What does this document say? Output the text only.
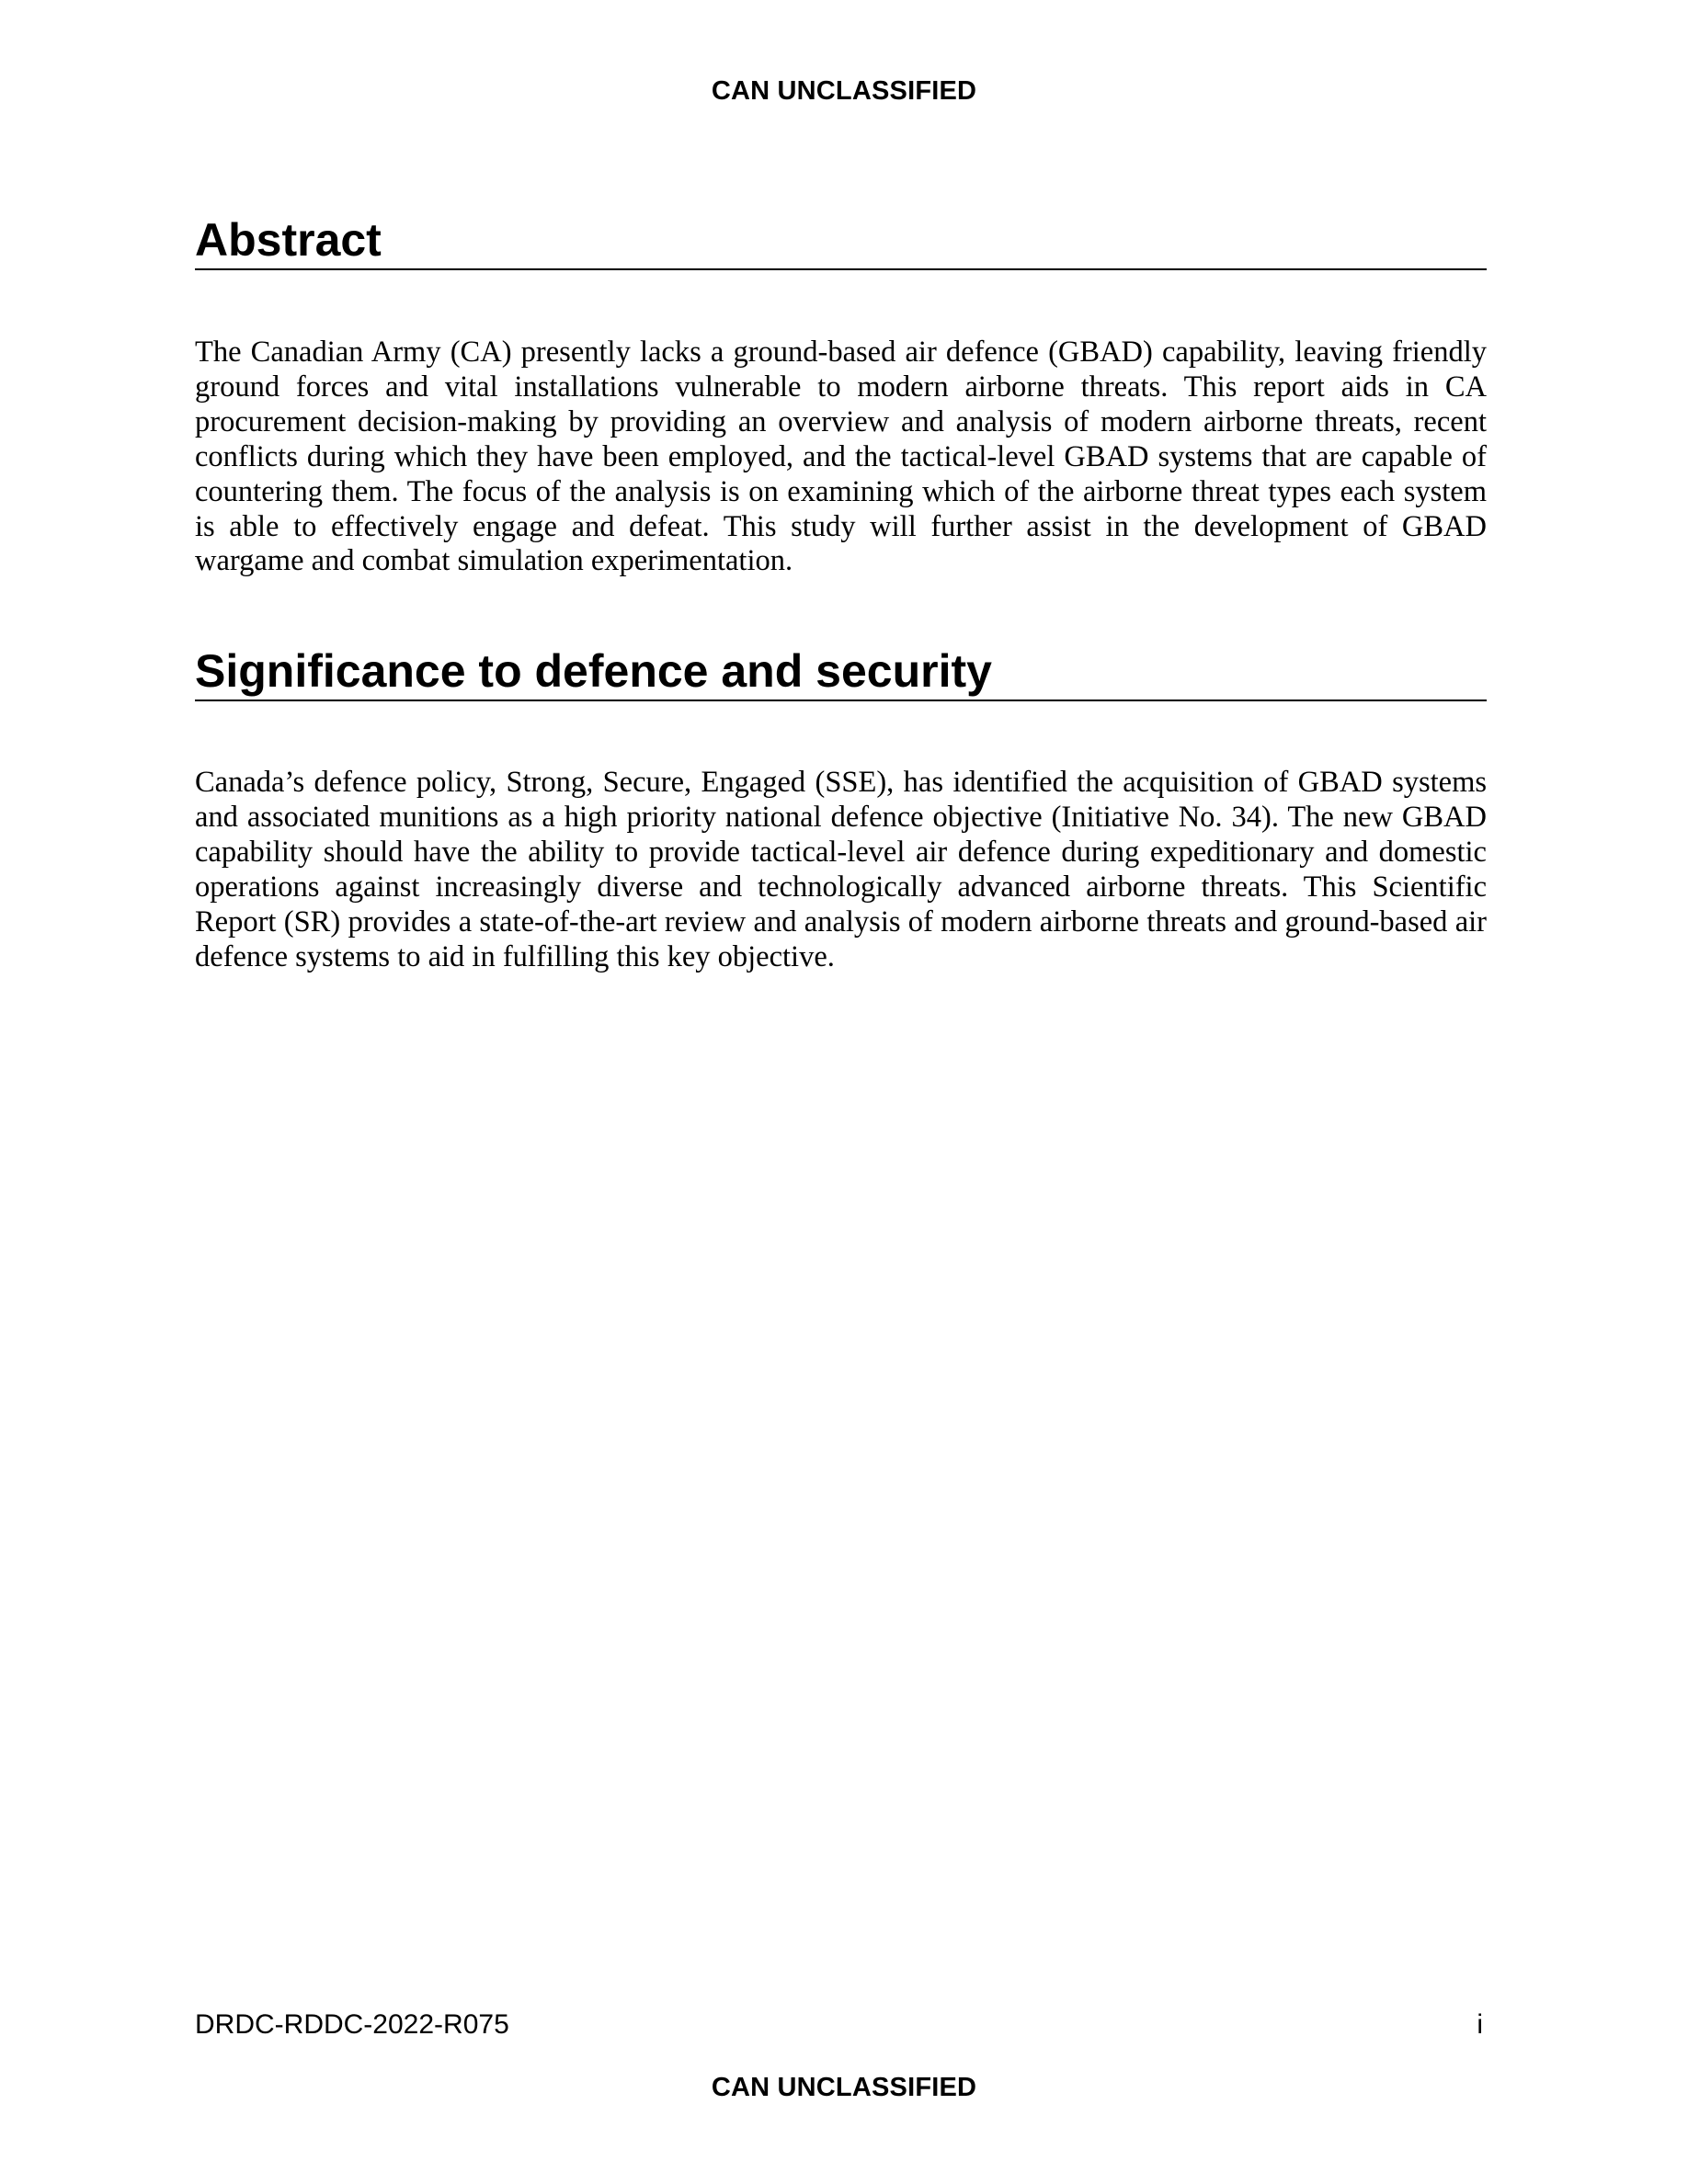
CAN UNCLASSIFIED
Abstract

The Canadian Army (CA) presently lacks a ground-based air defence (GBAD) capability, leaving friendly ground forces and vital installations vulnerable to modern airborne threats. This report aids in CA procurement decision-making by providing an overview and analysis of modern airborne threats, recent conflicts during which they have been employed, and the tactical-level GBAD systems that are capable of countering them. The focus of the analysis is on examining which of the airborne threat types each system is able to effectively engage and defeat. This study will further assist in the development of GBAD wargame and combat simulation experimentation.

Significance to defence and security

Canada’s defence policy, Strong, Secure, Engaged (SSE), has identified the acquisition of GBAD systems and associated munitions as a high priority national defence objective (Initiative No. 34). The new GBAD capability should have the ability to provide tactical-level air defence during expeditionary and domestic operations against increasingly diverse and technologically advanced airborne threats. This Scientific Report (SR) provides a state-of-the-art review and analysis of modern airborne threats and ground-based air defence systems to aid in fulfilling this key objective.

DRDC-RDDC-2022-R075	i
CAN UNCLASSIFIED
